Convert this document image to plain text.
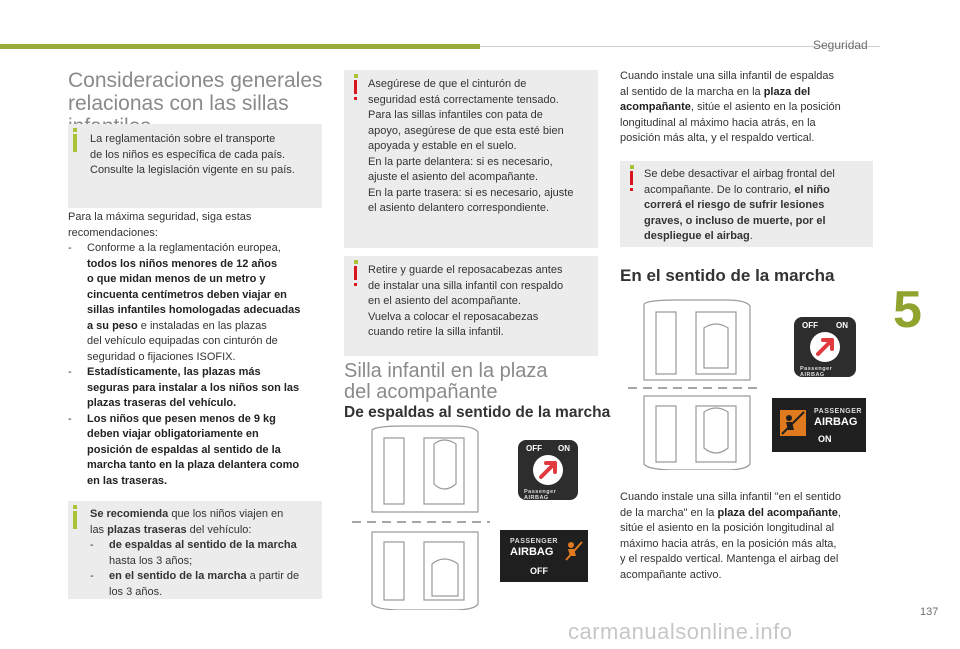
Seguridad
5
137
carmanualsonline.info
Consideraciones generales
relacionas con las sillas
La reglamentación sobre el transporte
de los niños es específica de cada país.
Consulte la legislación vigente en su país.
Para la máxima seguridad, siga estas
recomendaciones:
- Conforme a la reglamentación europea,
todos los niños menores de 12 años
o que midan menos de un metro y
cincuenta centímetros deben viajar en
sillas infantiles homologadas adecuadas
a su peso e instaladas en las plazas
del vehículo equipadas con cinturón de
seguridad o fijaciones ISOFIX.
- Estadísticamente, las plazas más
seguras para instalar a los niños son las
plazas traseras del vehículo.
- Los niños que pesen menos de 9 kg
deben viajar obligatoriamente en
posición de espaldas al sentido de la
marcha tanto en la plaza delantera como
en las traseras.
Se recomienda que los niños viajen en
las plazas traseras del vehículo:
- de espaldas al sentido de la marcha
hasta los 3 años;
- en el sentido de la marcha a partir de
los 3 años.
Asegúrese de que el cinturón de
seguridad está correctamente tensado.
Para las sillas infantiles con pata de
apoyo, asegúrese de que esta esté bien
apoyada y estable en el suelo.
En la parte delantera: si es necesario,
ajuste el asiento del acompañante.
En la parte trasera: si es necesario, ajuste
el asiento delantero correspondiente.
Retire y guarde el reposacabezas antes
de instalar una silla infantil con respaldo
en el asiento del acompañante.
Vuelva a colocar el reposacabezas
cuando retire la silla infantil.
Silla infantil en la plaza
del acompañante
De espaldas al sentido de la marcha
OFF ON
Passenger AIRBAG
PASSENGER
AIRBAG
OFF
Cuando instale una silla infantil de espaldas
al sentido de la marcha en la plaza del
acompañante, sitúe el asiento en la posición
longitudinal al máximo hacia atrás, en la
posición más alta, y el respaldo vertical.
Se debe desactivar el airbag frontal del
acompañante. De lo contrario, el niño
correrá el riesgo de sufrir lesiones
graves, o incluso de muerte, por el
despliegue el airbag.
En el sentido de la marcha
OFF ON
Passenger AIRBAG
PASSENGER
AIRBAG
ON
Cuando instale una silla infantil "en el sentido
de la marcha" en la plaza del acompañante,
sitúe el asiento en la posición longitudinal al
máximo hacia atrás, en la posición más alta,
y el respaldo vertical. Mantenga el airbag del
acompañante activo.
